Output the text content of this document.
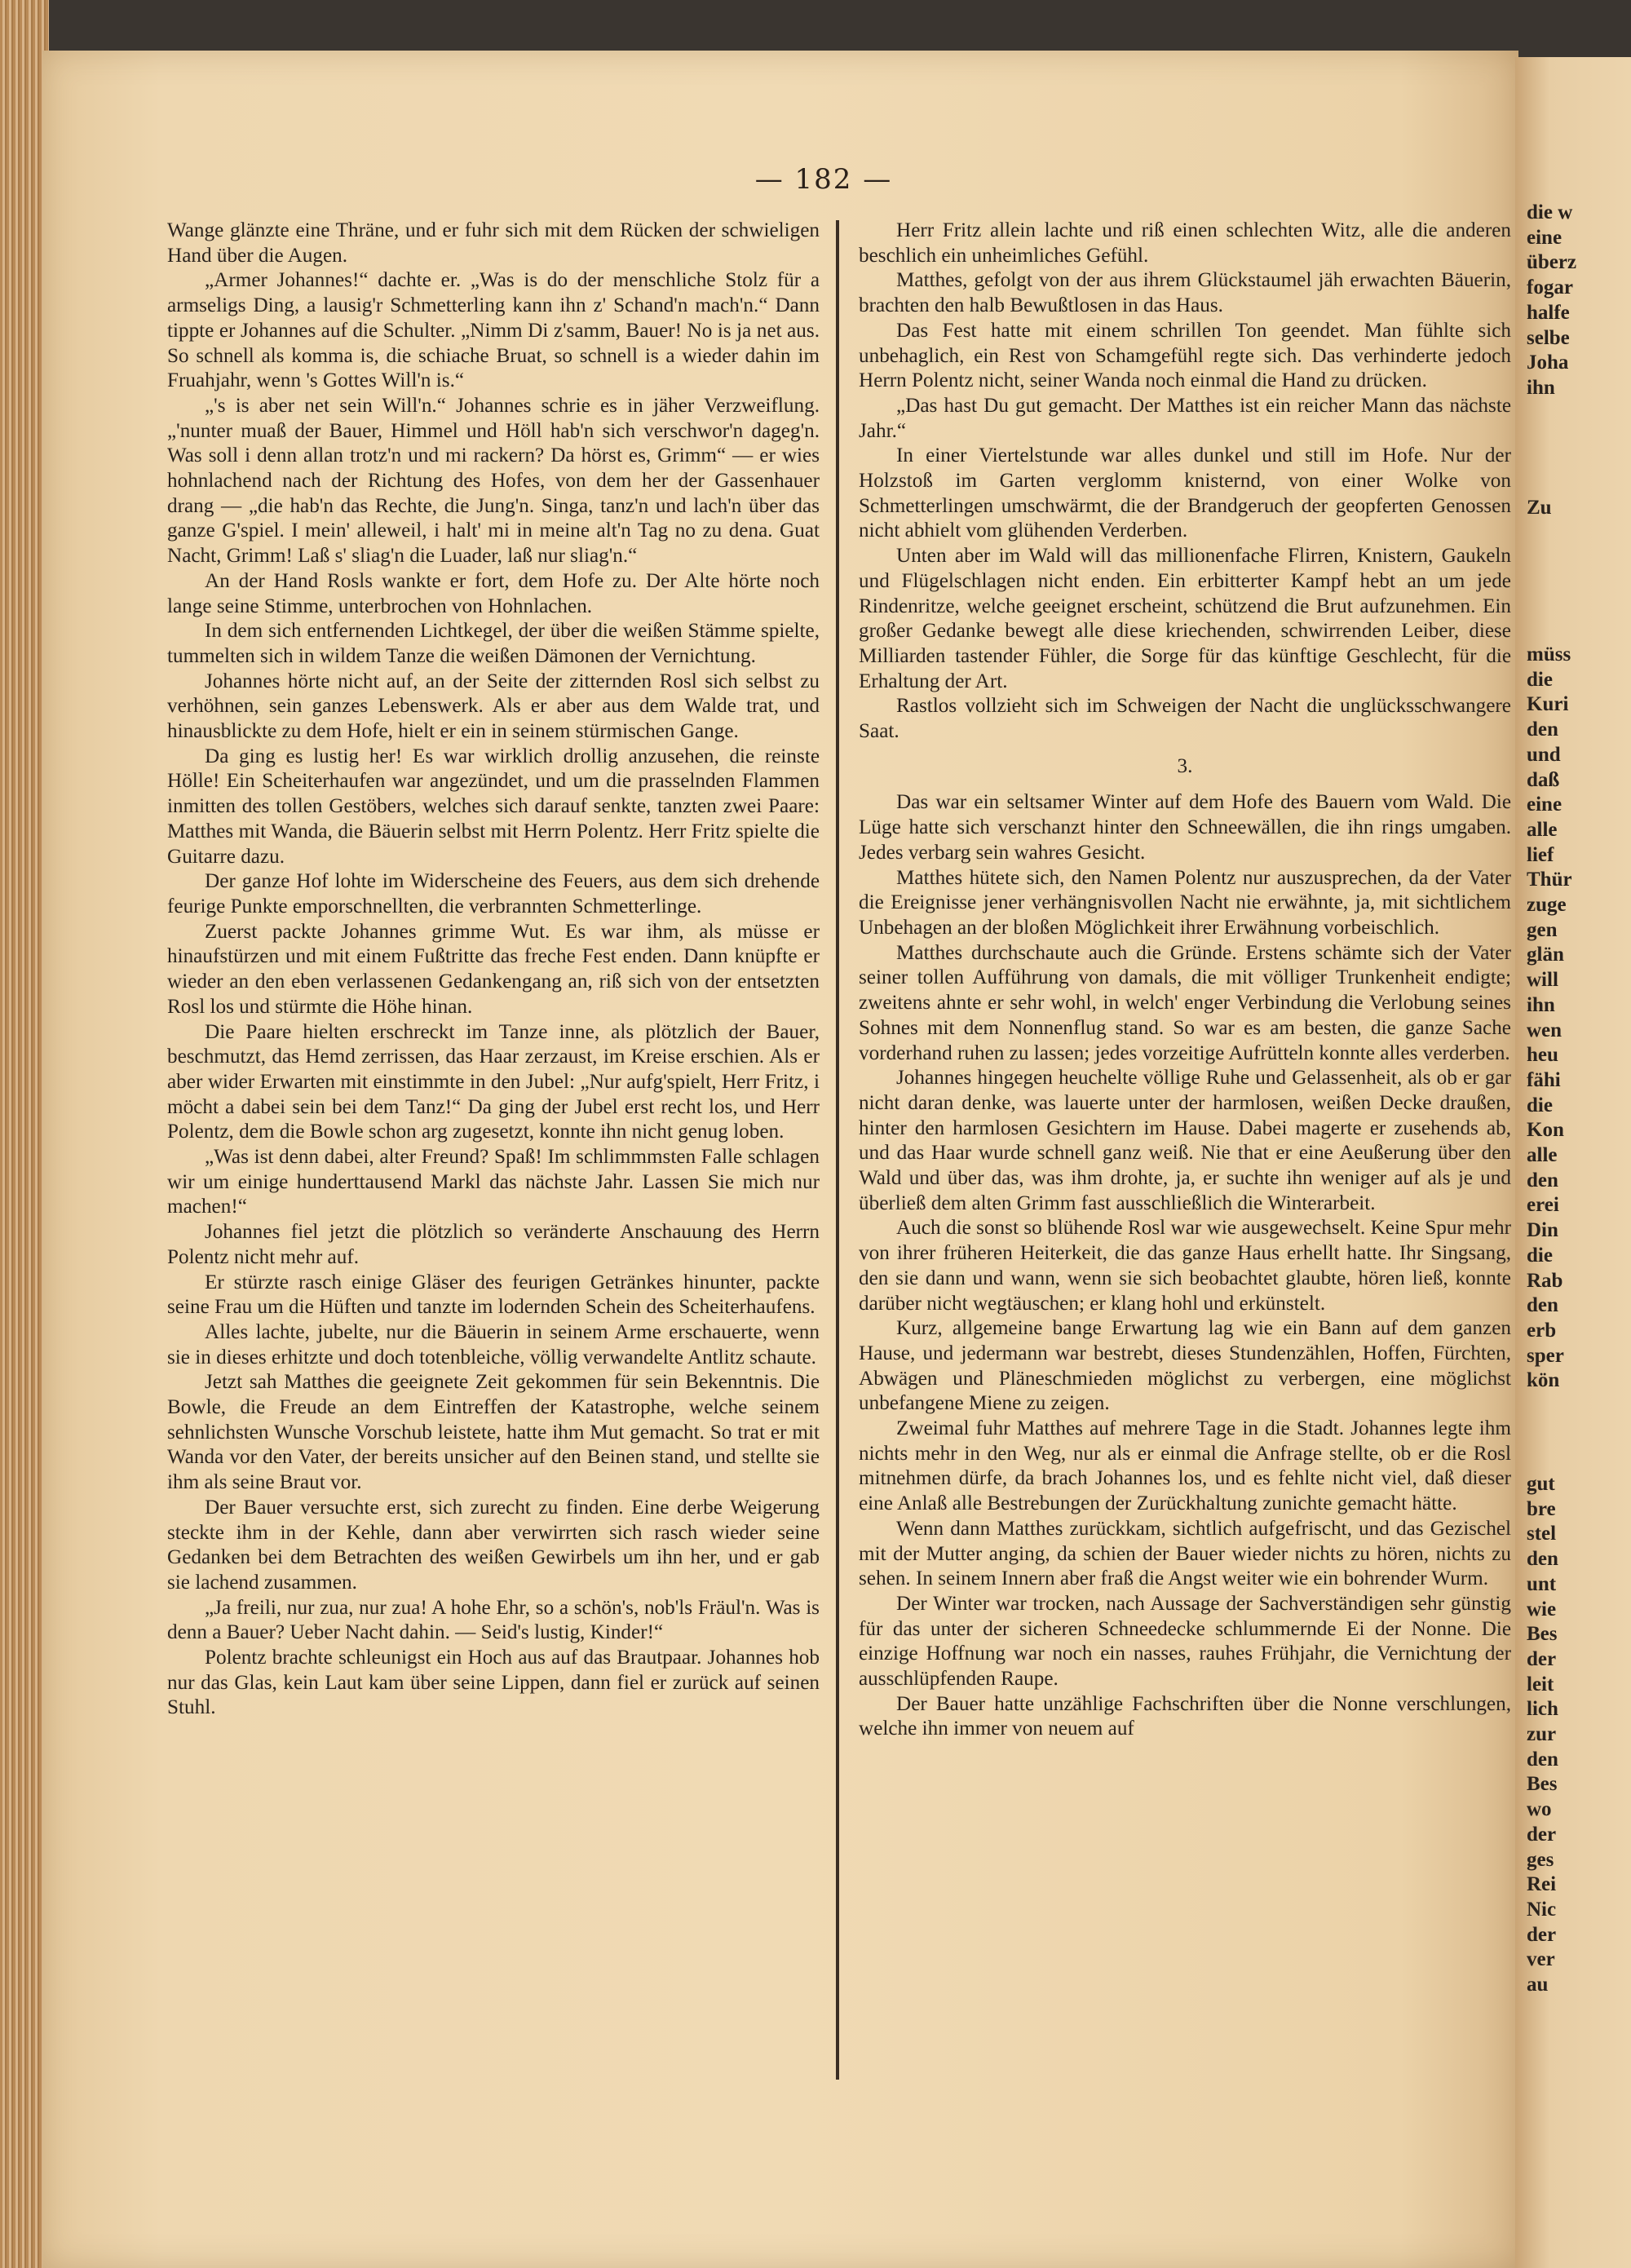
— 182 —

Wange glänzte eine Thräne, und er fuhr sich mit dem Rücken der schwieligen Hand über die Augen.

„Armer Johannes!“ dachte er. „Was is do der menschliche Stolz für a armseligs Ding, a lausig'r Schmetterling kann ihn z' Schand'n mach'n.“ Dann tippte er Johannes auf die Schulter. „Nimm Di z'samm, Bauer! No is ja net aus. So schnell als komma is, die schiache Bruat, so schnell is a wieder dahin im Fruahjahr, wenn 's Gottes Will'n is.“

„'s is aber net sein Will'n.“ Johannes schrie es in jäher Verzweiflung. „'nunter muaß der Bauer, Himmel und Höll hab'n sich verschwor'n dageg'n. Was soll i denn allan trotz'n und mi rackern? Da hörst es, Grimm“ — er wies hohnlachend nach der Richtung des Hofes, von dem her der Gassenhauer drang — „die hab'n das Rechte, die Jung'n. Singa, tanz'n und lach'n über das ganze G'spiel. I mein' alleweil, i halt' mi in meine alt'n Tag no zu dena. Guat Nacht, Grimm! Laß s' sliag'n die Luader, laß nur sliag'n.“

An der Hand Rosls wankte er fort, dem Hofe zu. Der Alte hörte noch lange seine Stimme, unterbrochen von Hohnlachen.

In dem sich entfernenden Lichtkegel, der über die weißen Stämme spielte, tummelten sich in wildem Tanze die weißen Dämonen der Vernichtung.

Johannes hörte nicht auf, an der Seite der zitternden Rosl sich selbst zu verhöhnen, sein ganzes Lebenswerk. Als er aber aus dem Walde trat, und hinausblickte zu dem Hofe, hielt er ein in seinem stürmischen Gange.

Da ging es lustig her! Es war wirklich drollig anzusehen, die reinste Hölle! Ein Scheiterhaufen war angezündet, und um die prasselnden Flammen inmitten des tollen Gestöbers, welches sich darauf senkte, tanzten zwei Paare: Matthes mit Wanda, die Bäuerin selbst mit Herrn Polentz. Herr Fritz spielte die Guitarre dazu.

Der ganze Hof lohte im Widerscheine des Feuers, aus dem sich drehende feurige Punkte emporschnellten, die verbrannten Schmetterlinge.

Zuerst packte Johannes grimme Wut. Es war ihm, als müsse er hinaufstürzen und mit einem Fußtritte das freche Fest enden. Dann knüpfte er wieder an den eben verlassenen Gedankengang an, riß sich von der entsetzten Rosl los und stürmte die Höhe hinan.

Die Paare hielten erschreckt im Tanze inne, als plötzlich der Bauer, beschmutzt, das Hemd zerrissen, das Haar zerzaust, im Kreise erschien. Als er aber wider Erwarten mit einstimmte in den Jubel: „Nur aufg'spielt, Herr Fritz, i möcht a dabei sein bei dem Tanz!“ Da ging der Jubel erst recht los, und Herr Polentz, dem die Bowle schon arg zugesetzt, konnte ihn nicht genug loben.

„Was ist denn dabei, alter Freund? Spaß! Im schlimmmsten Falle schlagen wir um einige hunderttausend Markl das nächste Jahr. Lassen Sie mich nur machen!“

Johannes fiel jetzt die plötzlich so veränderte Anschauung des Herrn Polentz nicht mehr auf.

Er stürzte rasch einige Gläser des feurigen Getränkes hinunter, packte seine Frau um die Hüften und tanzte im lodernden Schein des Scheiterhaufens.

Alles lachte, jubelte, nur die Bäuerin in seinem Arme erschauerte, wenn sie in dieses erhitzte und doch totenbleiche, völlig verwandelte Antlitz schaute.

Jetzt sah Matthes die geeignete Zeit gekommen für sein Bekenntnis. Die Bowle, die Freude an dem Eintreffen der Katastrophe, welche seinem sehnlichsten Wunsche Vorschub leistete, hatte ihm Mut gemacht. So trat er mit Wanda vor den Vater, der bereits unsicher auf den Beinen stand, und stellte sie ihm als seine Braut vor.

Der Bauer versuchte erst, sich zurecht zu finden. Eine derbe Weigerung steckte ihm in der Kehle, dann aber verwirrten sich rasch wieder seine Gedanken bei dem Betrachten des weißen Gewirbels um ihn her, und er gab sie lachend zusammen.

„Ja freili, nur zua, nur zua! A hohe Ehr, so a schön's, nob'ls Fräul'n. Was is denn a Bauer? Ueber Nacht dahin. — Seid's lustig, Kinder!“

Polentz brachte schleunigst ein Hoch aus auf das Brautpaar. Johannes hob nur das Glas, kein Laut kam über seine Lippen, dann fiel er zurück auf seinen Stuhl.

Herr Fritz allein lachte und riß einen schlechten Witz, alle die anderen beschlich ein unheimliches Gefühl.

Matthes, gefolgt von der aus ihrem Glückstaumel jäh erwachten Bäuerin, brachten den halb Bewußtlosen in das Haus.

Das Fest hatte mit einem schrillen Ton geendet. Man fühlte sich unbehaglich, ein Rest von Schamgefühl regte sich. Das verhinderte jedoch Herrn Polentz nicht, seiner Wanda noch einmal die Hand zu drücken.

„Das hast Du gut gemacht. Der Matthes ist ein reicher Mann das nächste Jahr.“

In einer Viertelstunde war alles dunkel und still im Hofe. Nur der Holzstoß im Garten verglomm knisternd, von einer Wolke von Schmetterlingen umschwärmt, die der Brandgeruch der geopferten Genossen nicht abhielt vom glühenden Verderben.

Unten aber im Wald will das millionenfache Flirren, Knistern, Gaukeln und Flügelschlagen nicht enden. Ein erbitterter Kampf hebt an um jede Rindenritze, welche geeignet erscheint, schützend die Brut aufzunehmen. Ein großer Gedanke bewegt alle diese kriechenden, schwirrenden Leiber, diese Milliarden tastender Fühler, die Sorge für das künftige Geschlecht, für die Erhaltung der Art.

Rastlos vollzieht sich im Schweigen der Nacht die unglücksschwangere Saat.

3.

Das war ein seltsamer Winter auf dem Hofe des Bauern vom Wald. Die Lüge hatte sich verschanzt hinter den Schneewällen, die ihn rings umgaben. Jedes verbarg sein wahres Gesicht.

Matthes hütete sich, den Namen Polentz nur auszusprechen, da der Vater die Ereignisse jener verhängnisvollen Nacht nie erwähnte, ja, mit sichtlichem Unbehagen an der bloßen Möglichkeit ihrer Erwähnung vorbeischlich.

Matthes durchschaute auch die Gründe. Erstens schämte sich der Vater seiner tollen Aufführung von damals, die mit völliger Trunkenheit endigte; zweitens ahnte er sehr wohl, in welch' enger Verbindung die Verlobung seines Sohnes mit dem Nonnenflug stand. So war es am besten, die ganze Sache vorderhand ruhen zu lassen; jedes vorzeitige Aufrütteln konnte alles verderben.

Johannes hingegen heuchelte völlige Ruhe und Gelassenheit, als ob er gar nicht daran denke, was lauerte unter der harmlosen, weißen Decke draußen, hinter den harmlosen Gesichtern im Hause. Dabei magerte er zusehends ab, und das Haar wurde schnell ganz weiß. Nie that er eine Aeußerung über den Wald und über das, was ihm drohte, ja, er suchte ihn weniger auf als je und überließ dem alten Grimm fast ausschließlich die Winterarbeit.

Auch die sonst so blühende Rosl war wie ausgewechselt. Keine Spur mehr von ihrer früheren Heiterkeit, die das ganze Haus erhellt hatte. Ihr Singsang, den sie dann und wann, wenn sie sich beobachtet glaubte, hören ließ, konnte darüber nicht wegtäuschen; er klang hohl und erkünstelt.

Kurz, allgemeine bange Erwartung lag wie ein Bann auf dem ganzen Hause, und jedermann war bestrebt, dieses Stundenzählen, Hoffen, Fürchten, Abwägen und Pläneschmieden möglichst zu verbergen, eine möglichst unbefangene Miene zu zeigen.

Zweimal fuhr Matthes auf mehrere Tage in die Stadt. Johannes legte ihm nichts mehr in den Weg, nur als er einmal die Anfrage stellte, ob er die Rosl mitnehmen dürfe, da brach Johannes los, und es fehlte nicht viel, daß dieser eine Anlaß alle Bestrebungen der Zurückhaltung zunichte gemacht hätte.

Wenn dann Matthes zurückkam, sichtlich aufgefrischt, und das Gezischel mit der Mutter anging, da schien der Bauer wieder nichts zu hören, nichts zu sehen. In seinem Innern aber fraß die Angst weiter wie ein bohrender Wurm.

Der Winter war trocken, nach Aussage der Sachverständigen sehr günstig für das unter der sicheren Schneedecke schlummernde Ei der Nonne. Die einzige Hoffnung war noch ein nasses, rauhes Frühjahr, die Vernichtung der ausschlüpfenden Raupe.

Der Bauer hatte unzählige Fachschriften über die Nonne verschlungen, welche ihn immer von neuem auf

die w
eine
überz
fogar
halfe
selbe
Joha
ihn
Zu
müss
die
Kuri
den
und
daß
eine
alle
lief
Thür
zuge
gen
glän
will
ihn
wen
heu
fähi
die
Kon
alle
den
erei
Din
die
Rab
den
erb
sper
kön
gut
bre
stel
den
unt
wie
Bes
der
leit
lich
zur
den
Bes
wo
der
ges
Rei
Nic
der
ver
au
